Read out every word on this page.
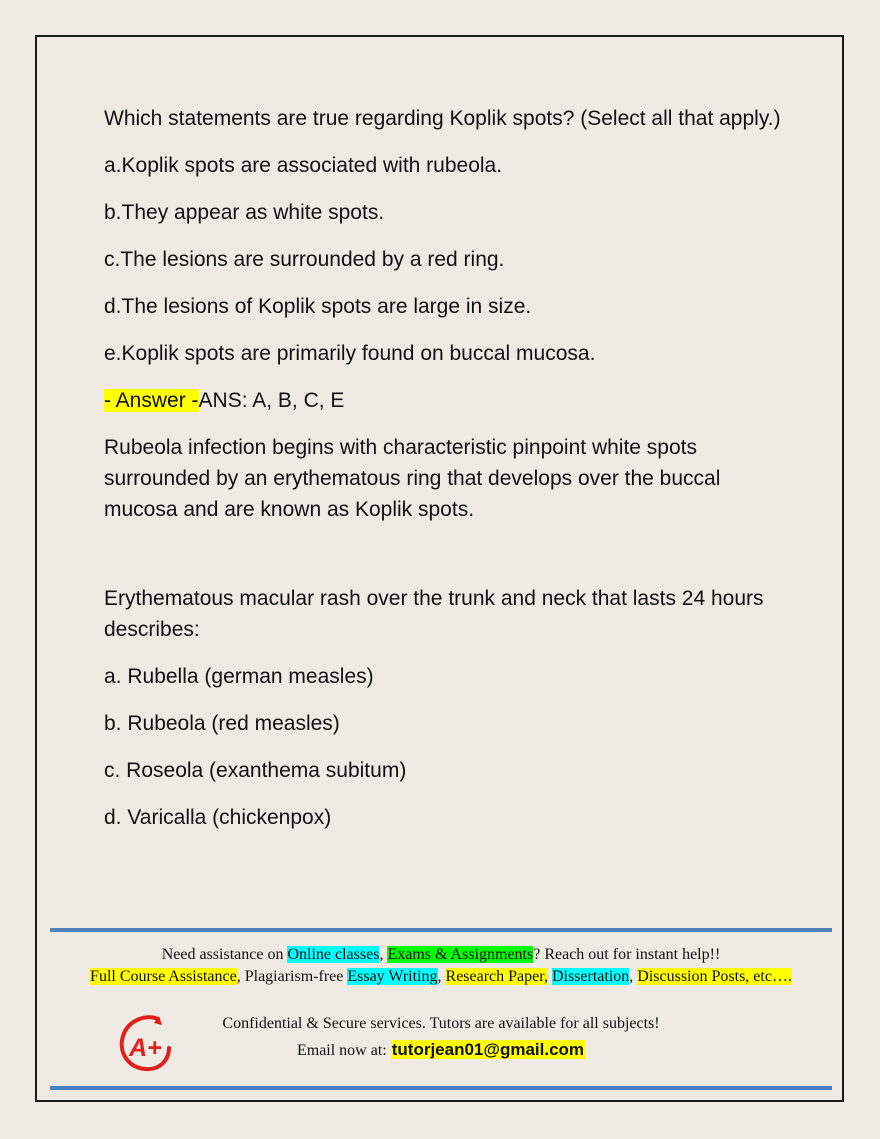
Which statements are true regarding Koplik spots? (Select all that apply.)

a.Koplik spots are associated with rubeola.

b.They appear as white spots.

c.The lesions are surrounded by a red ring.

d.The lesions of Koplik spots are large in size.

e.Koplik spots are primarily found on buccal mucosa.

- Answer -ANS: A, B, C, E

Rubeola infection begins with characteristic pinpoint white spots surrounded by an erythematous ring that develops over the buccal mucosa and are known as Koplik spots.

Erythematous macular rash over the trunk and neck that lasts 24 hours describes:

a. Rubella (german measles)

b. Rubeola (red measles)

c. Roseola (exanthema subitum)

d. Varicalla (chickenpox)

Need assistance on Online classes, Exams & Assignments? Reach out for instant help!!
Full Course Assistance, Plagiarism-free Essay Writing, Research Paper, Dissertation, Discussion Posts, etc….
Confidential & Secure services. Tutors are available for all subjects!
Email now at: tutorjean01@gmail.com
A+
